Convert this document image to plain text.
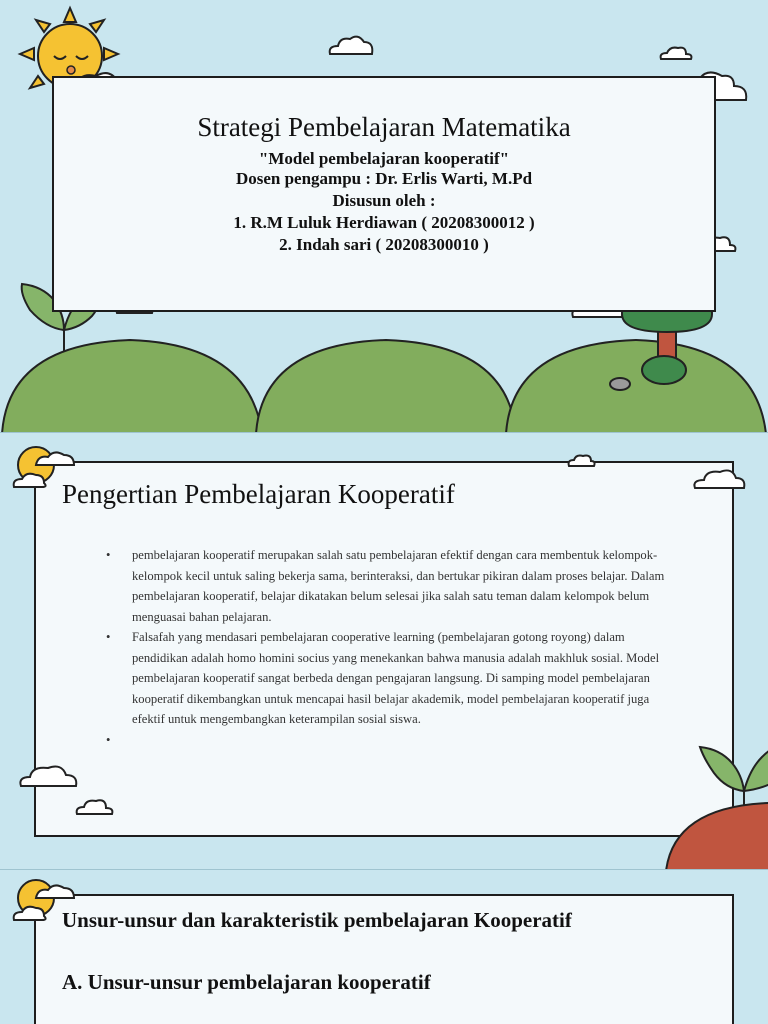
Strategi Pembelajaran Matematika
"Model pembelajaran kooperatif"
Dosen pengampu : Dr. Erlis Warti, M.Pd
Disusun oleh :
1. R.M Luluk Herdiawan ( 20208300012 )
2. Indah sari ( 20208300010 )
Pengertian Pembelajaran Kooperatif
• pembelajaran kooperatif merupakan salah satu pembelajaran efektif dengan cara membentuk kelompok-kelompok kecil untuk saling bekerja sama, berinteraksi, dan bertukar pikiran dalam proses belajar. Dalam pembelajaran kooperatif, belajar dikatakan belum selesai jika salah satu teman dalam kelompok belum menguasai bahan pelajaran.
• Falsafah yang mendasari pembelajaran cooperative learning (pembelajaran gotong royong) dalam pendidikan adalah homo homini socius yang menekankan bahwa manusia adalah makhluk sosial. Model pembelajaran kooperatif sangat berbeda dengan pengajaran langsung. Di samping model pembelajaran kooperatif dikembangkan untuk mencapai hasil belajar akademik, model pembelajaran kooperatif juga efektif untuk mengembangkan keterampilan sosial siswa.
•
Unsur-unsur dan karakteristik pembelajaran Kooperatif
A. Unsur-unsur pembelajaran kooperatif
